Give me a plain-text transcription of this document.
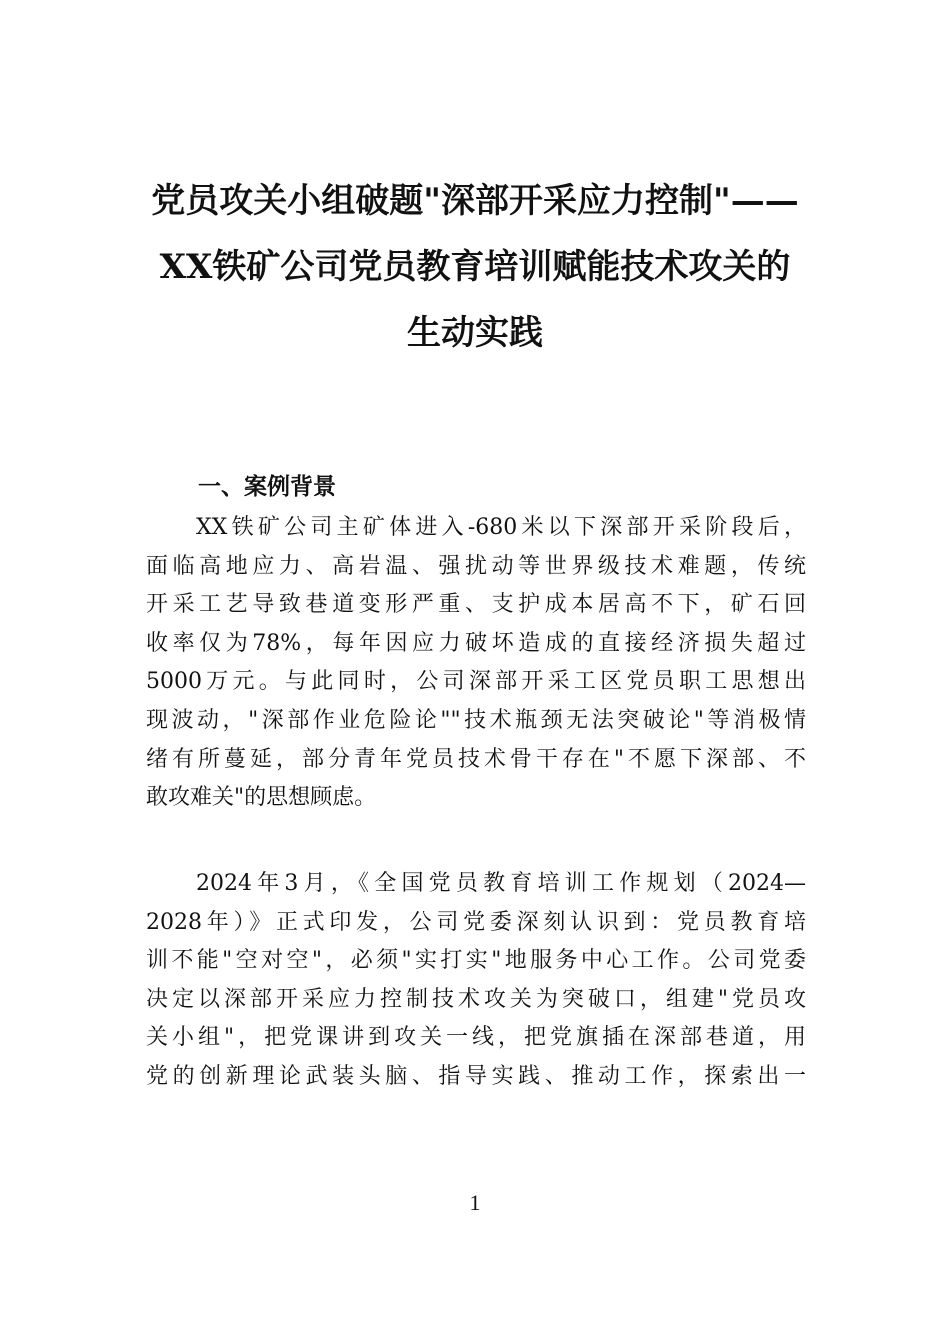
党员攻关小组破题"深部开采应力控制"——
XX铁矿公司党员教育培训赋能技术攻关的
生动实践
一、案例背景
XX铁矿公司主矿体进入-680米以下深部开采阶段后，
面临高地应力、高岩温、强扰动等世界级技术难题，传统
开采工艺导致巷道变形严重、支护成本居高不下，矿石回
收率仅为78%，每年因应力破坏造成的直接经济损失超过
5000万元。与此同时，公司深部开采工区党员职工思想出
现波动，"深部作业危险论""技术瓶颈无法突破论"等消极情
绪有所蔓延，部分青年党员技术骨干存在"不愿下深部、不
敢攻难关"的思想顾虑。
2024年3月，《全国党员教育培训工作规划（2024—
2028年）》正式印发，公司党委深刻认识到：党员教育培
训不能"空对空"，必须"实打实"地服务中心工作。公司党委
决定以深部开采应力控制技术攻关为突破口，组建"党员攻
关小组"，把党课讲到攻关一线，把党旗插在深部巷道，用
党的创新理论武装头脑、指导实践、推动工作，探索出一
1
